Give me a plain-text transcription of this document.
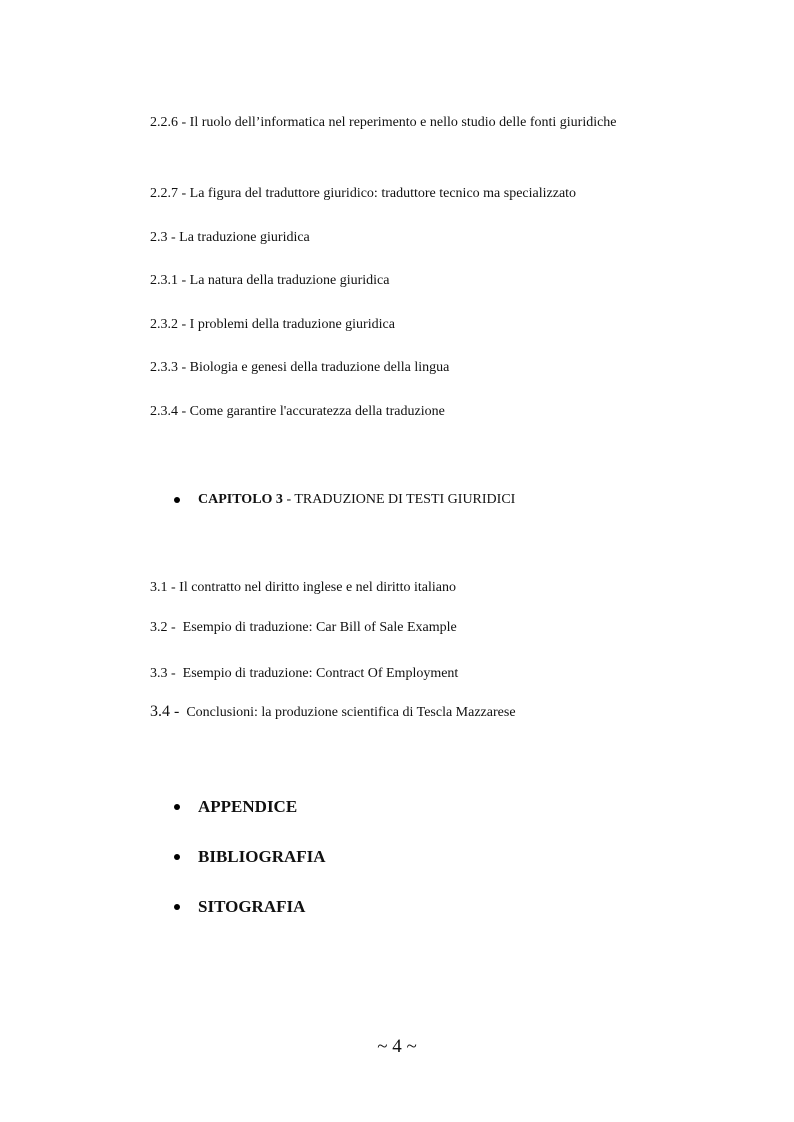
2.2.6 - Il ruolo dell’informatica nel reperimento e nello studio delle fonti giuridiche

2.2.7 - La figura del traduttore giuridico: traduttore tecnico ma specializzato

2.3 - La traduzione giuridica

2.3.1 - La natura della traduzione giuridica

2.3.2 - I problemi della traduzione giuridica

2.3.3 - Biologia e genesi della traduzione della lingua

2.3.4 - Come garantire l'accuratezza della traduzione

CAPITOLO 3 - TRADUZIONE DI TESTI GIURIDICI

3.1 - Il contratto nel diritto inglese e nel diritto italiano

3.2 -  Esempio di traduzione: Car Bill of Sale Example

3.3 -  Esempio di traduzione: Contract Of Employment

3.4 -  Conclusioni: la produzione scientifica di Tescla Mazzarese

APPENDICE
BIBLIOGRAFIA
SITOGRAFIA
~ 4 ~
